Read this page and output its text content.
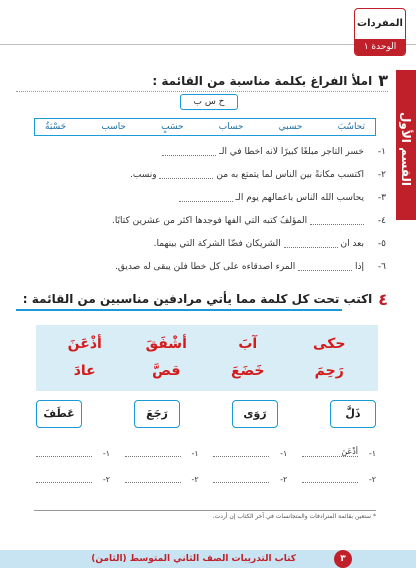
المفردات
الوحدة ١
القسم الأول
٣
املأ الفراغ بكلمة مناسبة من القائمة :
ح س ب
تحاسُبَ
حسبي
حساب
حسَبٍ
حاسب
حَسْبَةُ
١-
خسر التاجر مبلغًا كبيرًا لأنه أخطأ في الـ
٢-
اكتسب مكانةً بين الناس لما يتمتع به من  ونسب.
٣-
يحاسب الله الناس بأعمالهم يوم الـ
٤-
المؤلِّفُ كتبه التي ألفها فوجدها أكثر من عشرين كتابًا.
٥-
بعد أن  الشريكان فضَّا الشركة التي بينهما.
٦-
إذا  المرء أصدقاءه على كل خطأ فلن يبقى له صديق.
٤
اكتب تحت كل كلمة مما يأتي مرادفين مناسبين من القائمة :
حكى
آبَ
أشْفَقَ
أذْعَنَ
رَحِمَ
خَضَعَ
قصَّ
عادَ
ذَلَّ
رَوَى
رَجَعَ
عَطَفَ
١-
أذْعَنَ
١-
١-
١-
٢-
٢-
٢-
٢-
* ستعين بقائمة المترادفات والمتجانسات في آخر الكتاب إن أردت.
كتاب التدريبات الصف الثاني المتوسط (الثامن)	٣
